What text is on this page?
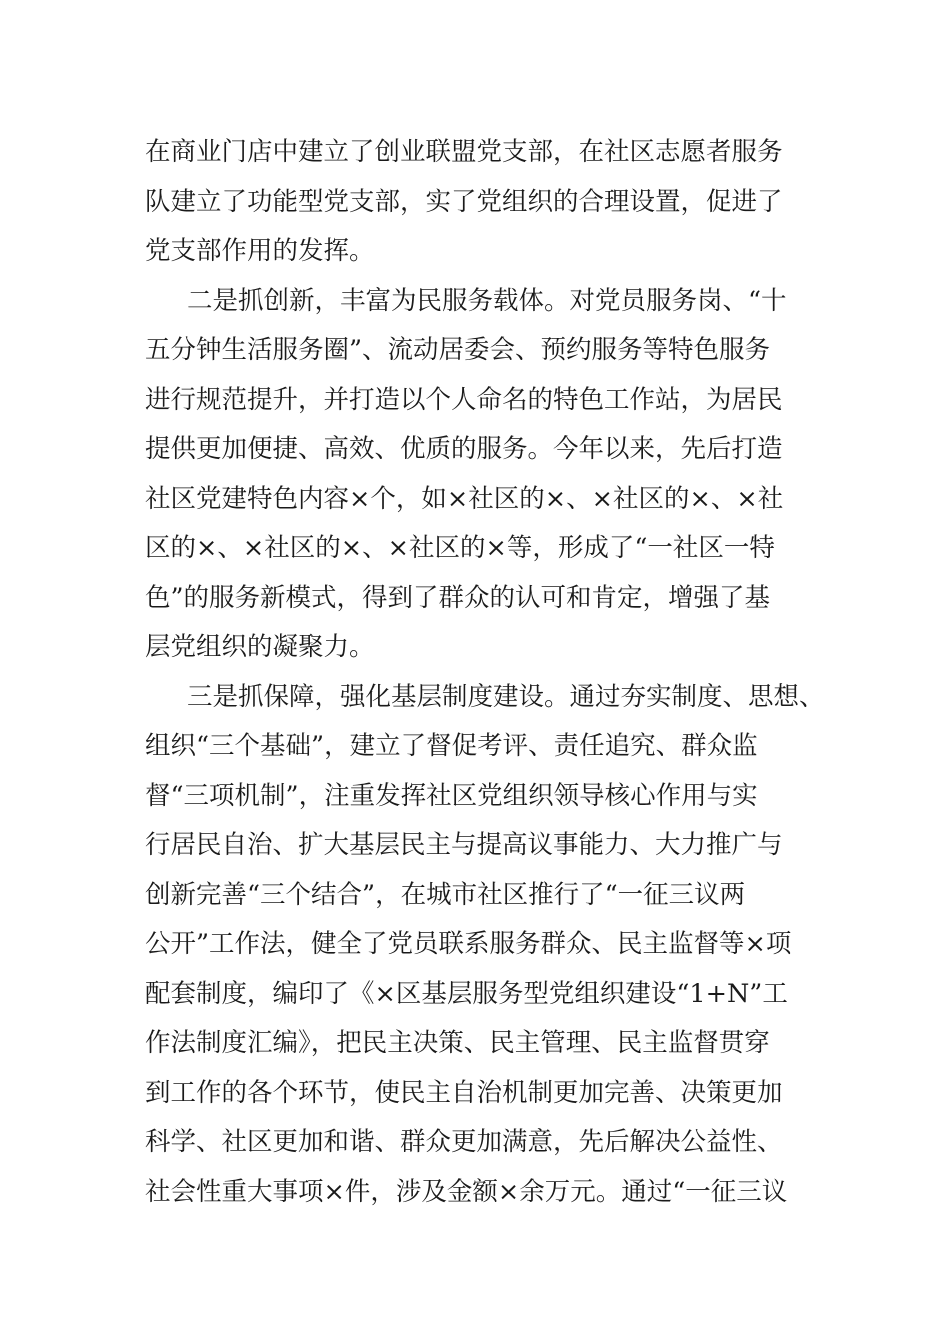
在商业门店中建立了创业联盟党支部，在社区志愿者服务
队建立了功能型党支部，实了党组织的合理设置，促进了
党支部作用的发挥。
二是抓创新，丰富为民服务载体。对党员服务岗、“十
五分钟生活服务圈”、流动居委会、预约服务等特色服务
进行规范提升，并打造以个人命名的特色工作站，为居民
提供更加便捷、高效、优质的服务。今年以来，先后打造
社区党建特色内容×个，如×社区的×、×社区的×、×社
区的×、×社区的×、×社区的×等，形成了“一社区一特
色”的服务新模式，得到了群众的认可和肯定，增强了基
层党组织的凝聚力。
三是抓保障，强化基层制度建设。通过夯实制度、思想、
组织“三个基础”，建立了督促考评、责任追究、群众监
督“三项机制”，注重发挥社区党组织领导核心作用与实
行居民自治、扩大基层民主与提高议事能力、大力推广与
创新完善“三个结合”，在城市社区推行了“一征三议两
公开”工作法，健全了党员联系服务群众、民主监督等×项
配套制度，编印了《×区基层服务型党组织建设“1+N”工
作法制度汇编》，把民主决策、民主管理、民主监督贯穿
到工作的各个环节，使民主自治机制更加完善、决策更加
科学、社区更加和谐、群众更加满意，先后解决公益性、
社会性重大事项×件，涉及金额×余万元。通过“一征三议
